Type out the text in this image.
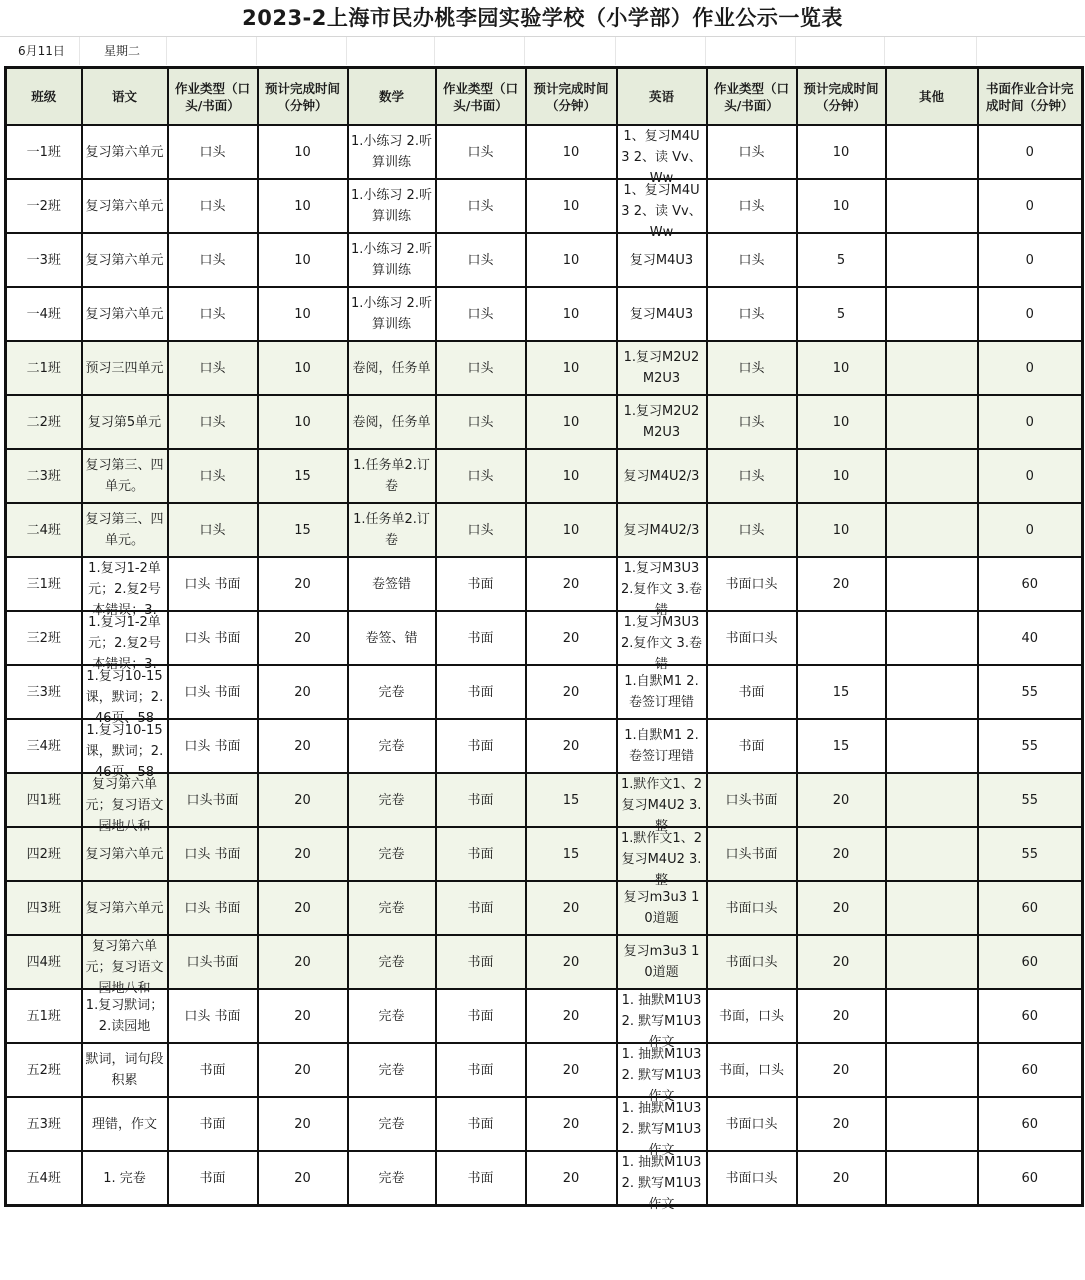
2023-2上海市民办桃李园实验学校（小学部）作业公示一览表
6月11日	星期二
班级	语文	作业类型（口头/书面）	预计完成时间（分钟）	数学	作业类型（口头/书面）	预计完成时间（分钟）	英语	作业类型（口头/书面）	预计完成时间（分钟）	其他	书面作业合计完成时间（分钟）

一1班	复习第六单元	口头	10	1.小练习 2.听算训练	口头	10	1、复习M4U3 2、读 Vv、Ww	口头	10		0

一2班	复习第六单元	口头	10	1.小练习 2.听算训练	口头	10	1、复习M4U3 2、读 Vv、Ww	口头	10		0

一3班	复习第六单元	口头	10	1.小练习 2.听算训练	口头	10	复习M4U3	口头	5		0

一4班	复习第六单元	口头	10	1.小练习 2.听算训练	口头	10	复习M4U3	口头	5		0

二1班	预习三四单元	口头	10	卷阅，任务单	口头	10	1.复习M2U2 M2U3	口头	10		0

二2班	复习第5单元	口头	10	卷阅，任务单	口头	10	1.复习M2U2 M2U3	口头	10		0

二3班	复习第三、四单元。	口头	15	1.任务单2.订卷	口头	10	复习M4U2/3	口头	10		0

二4班	复习第三、四单元。	口头	15	1.任务单2.订卷	口头	10	复习M4U2/3	口头	10		0

三1班	1.复习1-2单元；2.复2号本错误；3.	口头 书面	20	卷签错	书面	20	1.复习M3U3 2.复作文 3.卷错	书面口头	20		60

三2班	1.复习1-2单元；2.复2号本错误；3.	口头 书面	20	卷签、错	书面	20	1.复习M3U3 2.复作文 3.卷错	书面口头			40

三3班	1.复习10-15课，默词；2.46页、58	口头 书面	20	完卷	书面	20	1.自默M1 2.卷签订理错	书面	15		55

三4班	1.复习10-15课，默词；2.46页、58	口头 书面	20	完卷	书面	20	1.自默M1 2.卷签订理错	书面	15		55

四1班	复习第六单元；复习语文园地八和	口头书面	20	完卷	书面	15	1.默作文1、2 复习M4U2 3.整	口头书面	20		55

四2班	复习第六单元	口头 书面	20	完卷	书面	15	1.默作文1、2 复习M4U2 3.整	口头书面	20		55

四3班	复习第六单元	口头 书面	20	完卷	书面	20	复习m3u3 10道题	书面口头	20		60

四4班	复习第六单元；复习语文园地八和	口头书面	20	完卷	书面	20	复习m3u3 10道题	书面口头	20		60

五1班	1.复习默词；2.读园地	口头 书面	20	完卷	书面	20	1. 抽默M1U3 2. 默写M1U3作文	书面，口头	20		60

五2班	默词，词句段积累	书面	20	完卷	书面	20	1. 抽默M1U3 2. 默写M1U3作文	书面，口头	20		60

五3班	理错，作文	书面	20	完卷	书面	20	1. 抽默M1U3 2. 默写M1U3作文	书面口头	20		60

五4班	1. 完卷	书面	20	完卷	书面	20	1. 抽默M1U3 2. 默写M1U3作文	书面口头	20		60
